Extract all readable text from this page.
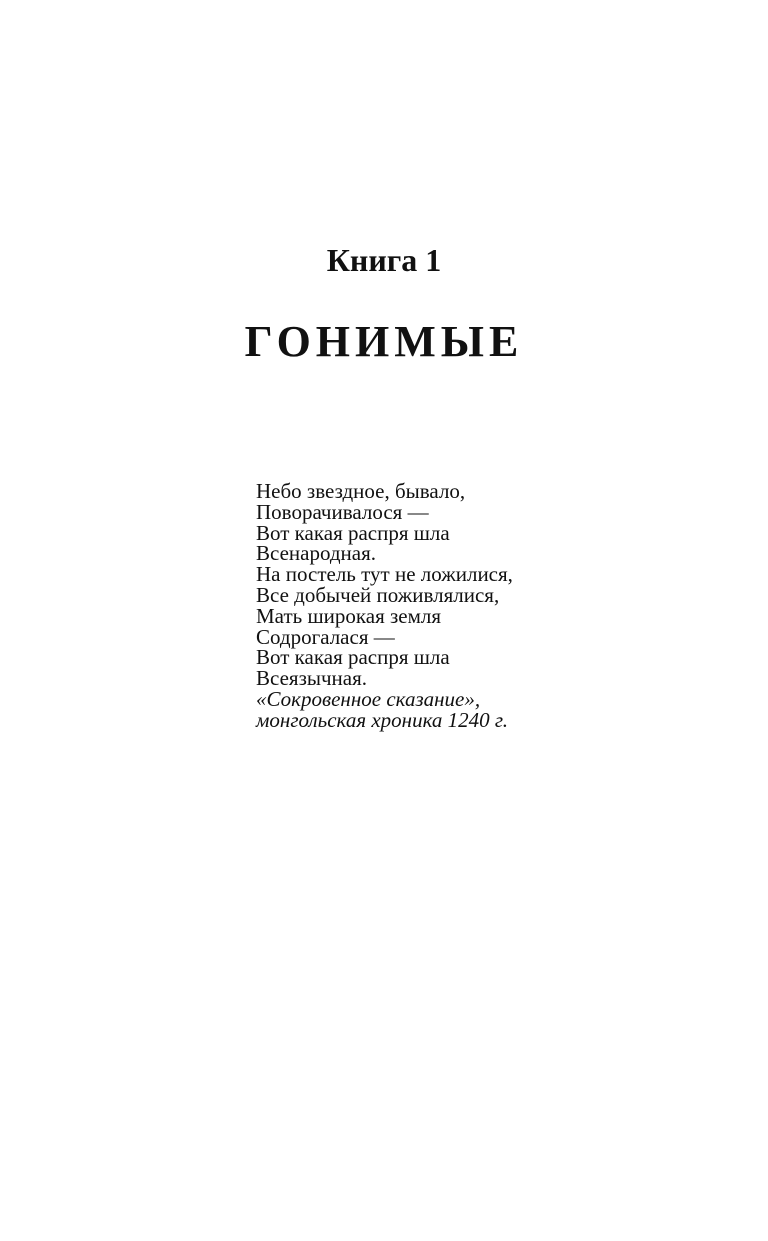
Книга 1
ГОНИМЫЕ
Небо звездное, бывало,
Поворачивалося —
Вот какая распря шла
Всенародная.
На постель тут не ложилися,
Все добычей поживлялися,
Мать широкая земля
Содрогалася —
Вот какая распря шла
Всеязычная.
«Сокровенное сказание»,
монгольская хроника 1240 г.
